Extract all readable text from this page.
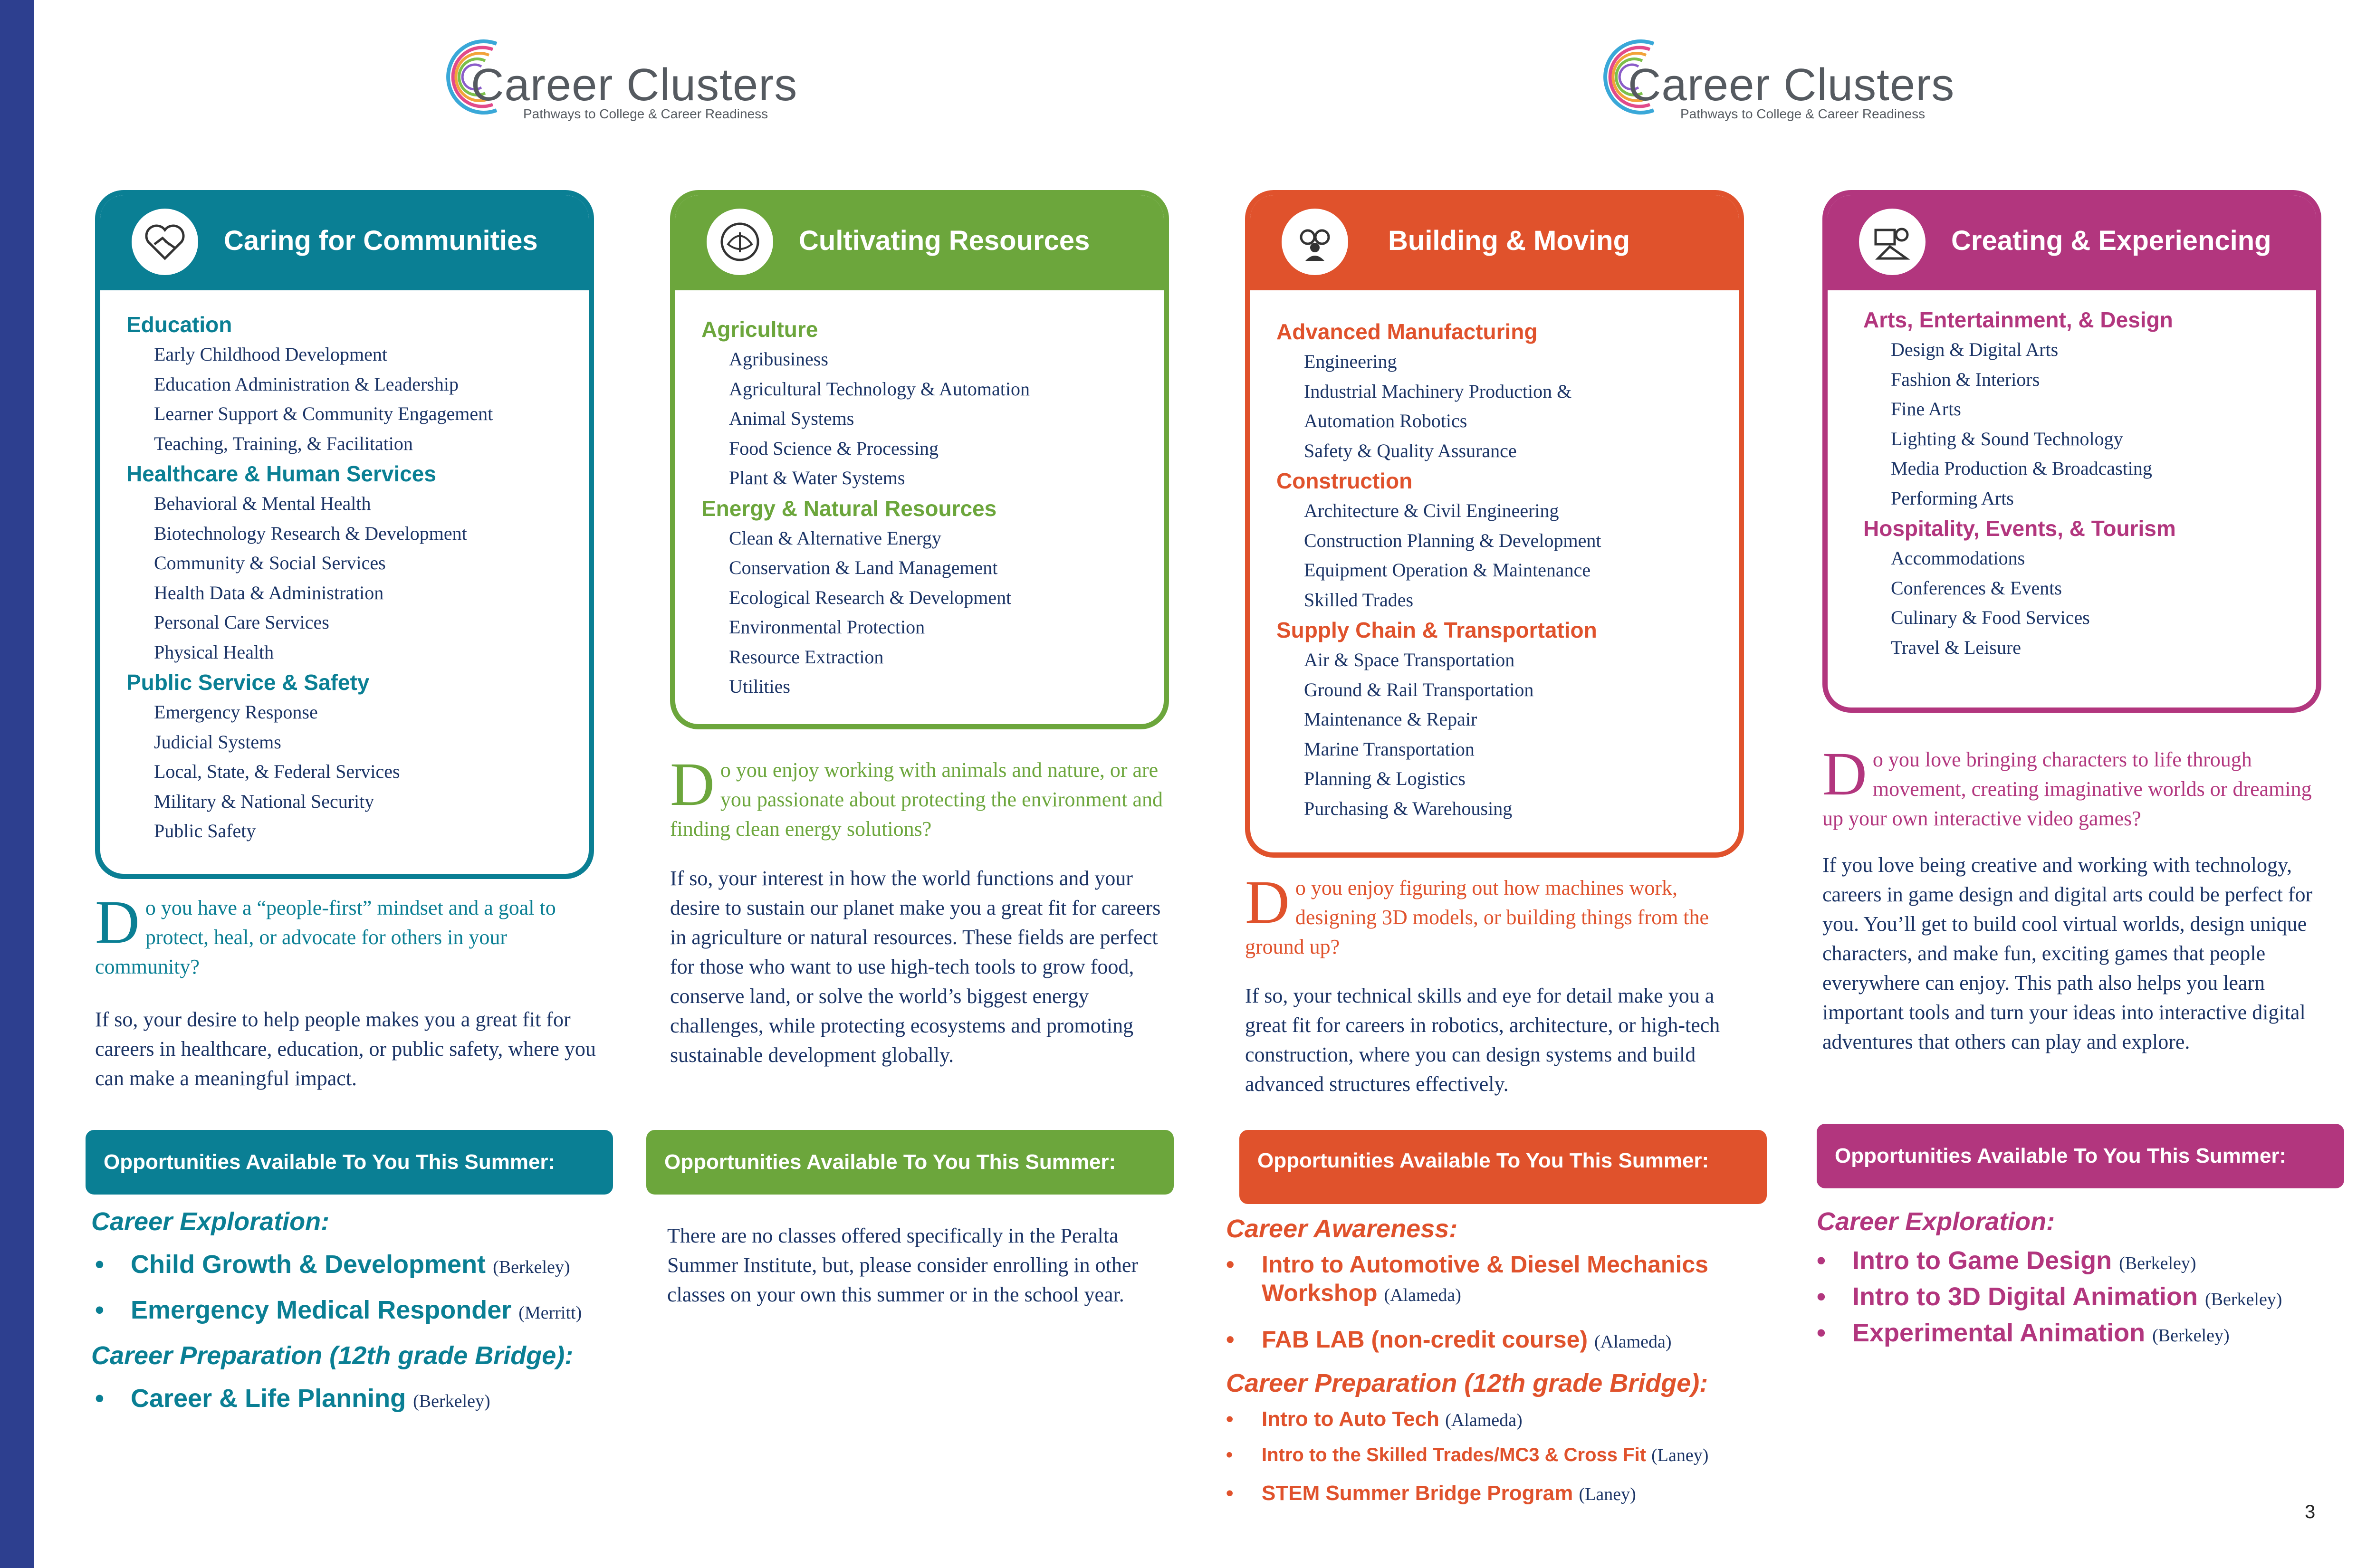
Career Clusters
Pathways to College & Career Readiness
Career Clusters
Pathways to College & Career Readiness
Caring for Communities
Education
Early Childhood Development
Education Administration & Leadership
Learner Support & Community Engagement
Teaching, Training, & Facilitation
Healthcare & Human Services
Behavioral & Mental Health
Biotechnology Research & Development
Community & Social Services
Health Data & Administration
Personal Care Services
Physical Health
Public Service & Safety
Emergency Response
Judicial Systems
Local, State, & Federal Services
Military & National Security
Public Safety
Do you have a “people-first” mindset and a goal to protect, heal, or advocate for others in your community?
If so, your desire to help people makes you a great fit for careers in healthcare, education, or public safety, where you can make a meaningful impact.
Opportunities Available To You This Summer:
Career Exploration:
• Child Growth & Development (Berkeley)
• Emergency Medical Responder (Merritt)
Career Preparation (12th grade Bridge):
• Career & Life Planning (Berkeley)
Cultivating Resources
Agriculture
Agribusiness
Agricultural Technology & Automation
Animal Systems
Food Science & Processing
Plant & Water Systems
Energy & Natural Resources
Clean & Alternative Energy
Conservation & Land Management
Ecological Research & Development
Environmental Protection
Resource Extraction
Utilities
Do you enjoy working with animals and nature, or are you passionate about protecting the environment and finding clean energy solutions?
If so, your interest in how the world functions and your desire to sustain our planet make you a great fit for careers in agriculture or natural resources. These fields are perfect for those who want to use high-tech tools to grow food, conserve land, or solve the world’s biggest energy challenges, while protecting ecosystems and promoting sustainable development globally.
Opportunities Available To You This Summer:
There are no classes offered specifically in the Peralta Summer Institute, but, please consider enrolling in other classes on your own this summer or in the school year.
Building & Moving
Advanced Manufacturing
Engineering
Industrial Machinery Production &
Automation Robotics
Safety & Quality Assurance
Construction
Architecture & Civil Engineering
Construction Planning & Development
Equipment Operation & Maintenance
Skilled Trades
Supply Chain & Transportation
Air & Space Transportation
Ground & Rail Transportation
Maintenance & Repair
Marine Transportation
Planning & Logistics
Purchasing & Warehousing
Do you enjoy figuring out how machines work, designing 3D models, or building things from the ground up?
If so, your technical skills and eye for detail make you a great fit for careers in robotics, architecture, or high-tech construction, where you can design systems and build advanced structures effectively.
Opportunities Available To You This Summer:
Career Awareness:
• Intro to Automotive & Diesel Mechanics
Workshop (Alameda)
• FAB LAB (non-credit course) (Alameda)
Career Preparation (12th grade Bridge):
• Intro to Auto Tech (Alameda)
• Intro to the Skilled Trades/MC3 & Cross Fit (Laney)
• STEM Summer Bridge Program (Laney)
Creating & Experiencing
Arts, Entertainment, & Design
Design & Digital Arts
Fashion & Interiors
Fine Arts
Lighting & Sound Technology
Media Production & Broadcasting
Performing Arts
Hospitality, Events, & Tourism
Accommodations
Conferences & Events
Culinary & Food Services
Travel & Leisure
Do you love bringing characters to life through movement, creating imaginative worlds or dreaming up your own interactive video games?
If you love being creative and working with technology, careers in game design and digital arts could be perfect for you. You’ll get to build cool virtual worlds, design unique characters, and make fun, exciting games that people everywhere can enjoy. This path also helps you learn important tools and turn your ideas into interactive digital adventures that others can play and explore.
Opportunities Available To You This Summer:
Career Exploration:
• Intro to Game Design (Berkeley)
• Intro to 3D Digital Animation (Berkeley)
• Experimental Animation (Berkeley)
3
